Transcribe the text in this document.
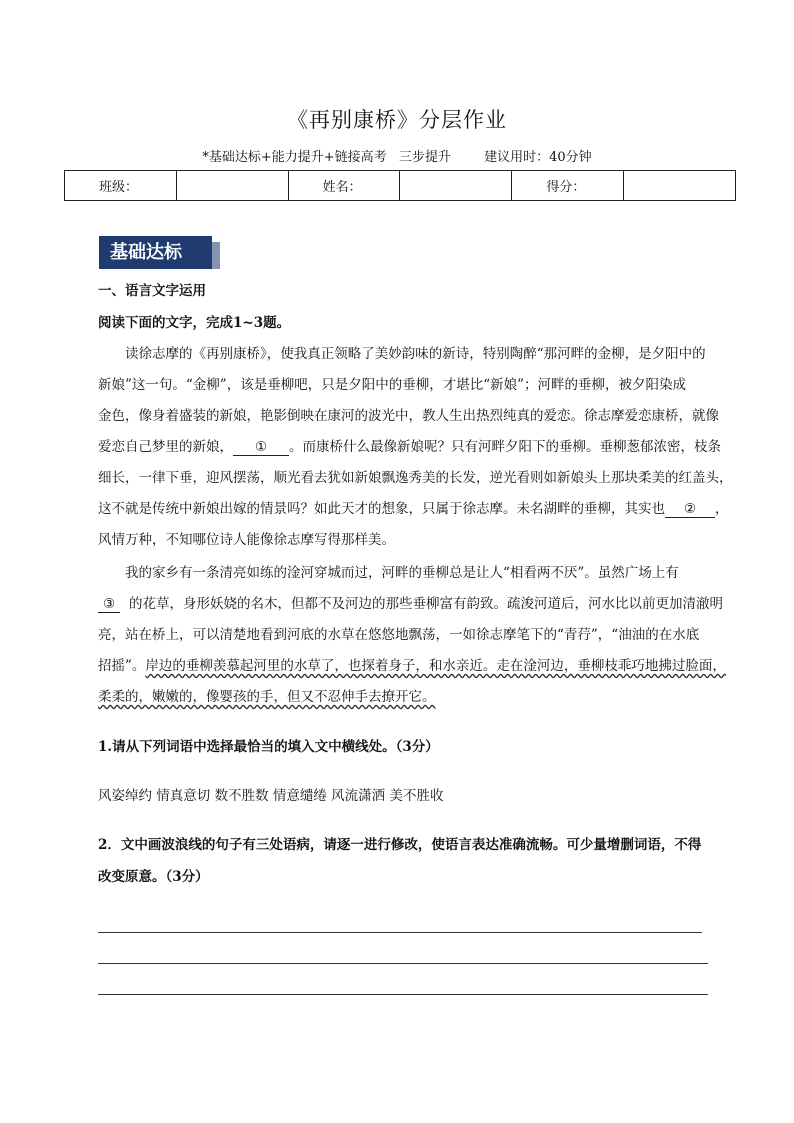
《再别康桥》分层作业
*基础达标+能力提升+链接高考   三步提升        建议用时：40分钟
班级：		姓名：		得分：	
基础达标
一、语言文字运用
阅读下面的文字，完成1~3题。
读徐志摩的《再别康桥》，使我真正领略了美妙韵味的新诗，特别陶醉“那河畔的金柳，是夕阳中的
新娘”这一句。“金柳”，该是垂柳吧，只是夕阳中的垂柳，才堪比“新娘”；河畔的垂柳，被夕阳染成
金色，像身着盛装的新娘，艳影倒映在康河的波光中，教人生出热烈纯真的爱恋。徐志摩爱恋康桥，就像
爱恋自己梦里的新娘， ① 。而康桥什么最像新娘呢？只有河畔夕阳下的垂柳。垂柳葱郁浓密，枝条
细长，一律下垂，迎风摆荡，顺光看去犹如新娘飘逸秀美的长发，逆光看则如新娘头上那块柔美的红盖头，
这不就是传统中新娘出嫁的情景吗？如此天才的想象，只属于徐志摩。未名湖畔的垂柳，其实也 ② ，
风情万种，不知哪位诗人能像徐志摩写得那样美。
我的家乡有一条清亮如练的淦河穿城而过，河畔的垂柳总是让人“相看两不厌”。虽然广场上有
③ 的花草，身形妖娆的名木，但都不及河边的那些垂柳富有韵致。疏浚河道后，河水比以前更加清澈明
亮，站在桥上，可以清楚地看到河底的水草在悠悠地飘荡，一如徐志摩笔下的“青荇”，“油油的在水底
招摇”。岸边的垂柳羡慕起河里的水草了，也探着身子，和水亲近。走在淦河边，垂柳枝乖巧地拂过脸面，
柔柔的，嫩嫩的，像婴孩的手，但又不忍伸手去撩开它。
1.请从下列词语中选择最恰当的填入文中横线处。（3分）
风姿绰约 情真意切 数不胜数 情意缱绻 风流潇洒 美不胜收
2．文中画波浪线的句子有三处语病，请逐一进行修改，使语言表达准确流畅。可少量增删词语，不得
改变原意。（3分）
